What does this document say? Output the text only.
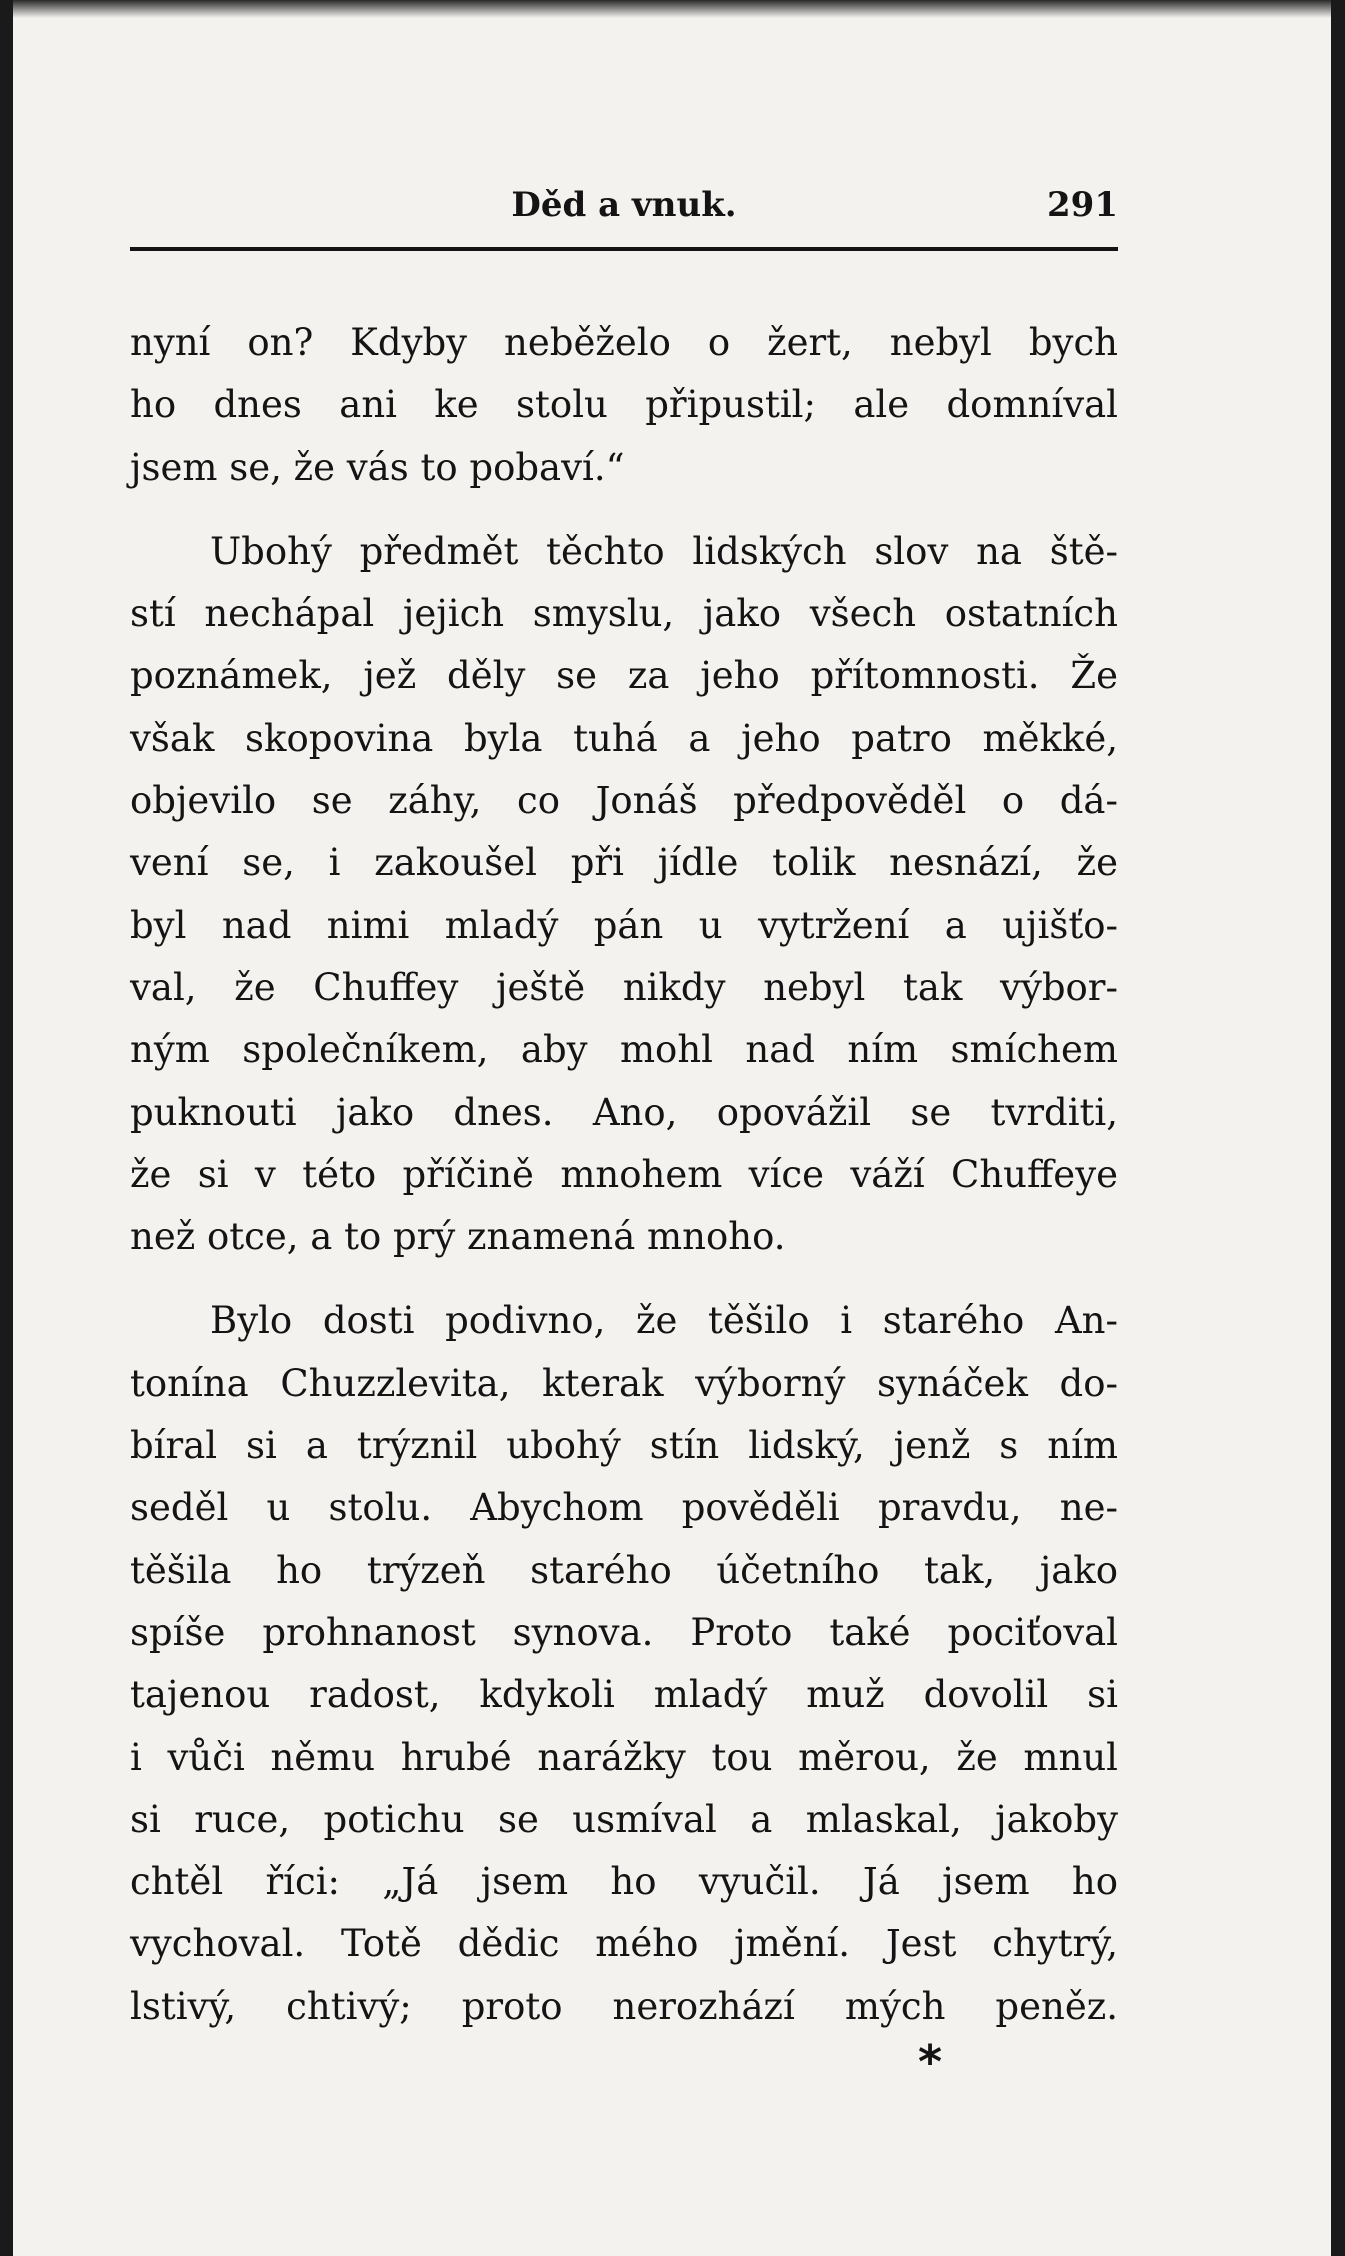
Děd a vnuk.	291
nyní on? Kdyby neběželo o žert, nebyl bych
ho dnes ani ke stolu připustil; ale domníval
jsem se, že vás to pobaví.“
Ubohý předmět těchto lidských slov na ště-
stí nechápal jejich smyslu, jako všech ostatních
poznámek, jež děly se za jeho přítomnosti. Že
však skopovina byla tuhá a jeho patro měkké,
objevilo se záhy, co Jonáš předpověděl o dá-
vení se, i zakoušel při jídle tolik nesnází, že
byl nad nimi mladý pán u vytržení a ujišťo-
val, že Chuffey ještě nikdy nebyl tak výbor-
ným společníkem, aby mohl nad ním smíchem
puknouti jako dnes. Ano, opovážil se tvrditi,
že si v této příčině mnohem více váží Chuffeye
než otce, a to prý znamená mnoho.
Bylo dosti podivno, že těšilo i starého An-
tonína Chuzzlevita, kterak výborný synáček do-
bíral si a trýznil ubohý stín lidský, jenž s ním
seděl u stolu. Abychom pověděli pravdu, ne-
těšila ho trýzeň starého účetního tak, jako
spíše prohnanost synova. Proto také pociťoval
tajenou radost, kdykoli mladý muž dovolil si
i vůči němu hrubé narážky tou měrou, že mnul
si ruce, potichu se usmíval a mlaskal, jakoby
chtěl říci: „Já jsem ho vyučil. Já jsem ho
vychoval. Totě dědic mého jmění. Jest chytrý,
lstivý, chtivý; proto nerozhází mých peněz.
*
